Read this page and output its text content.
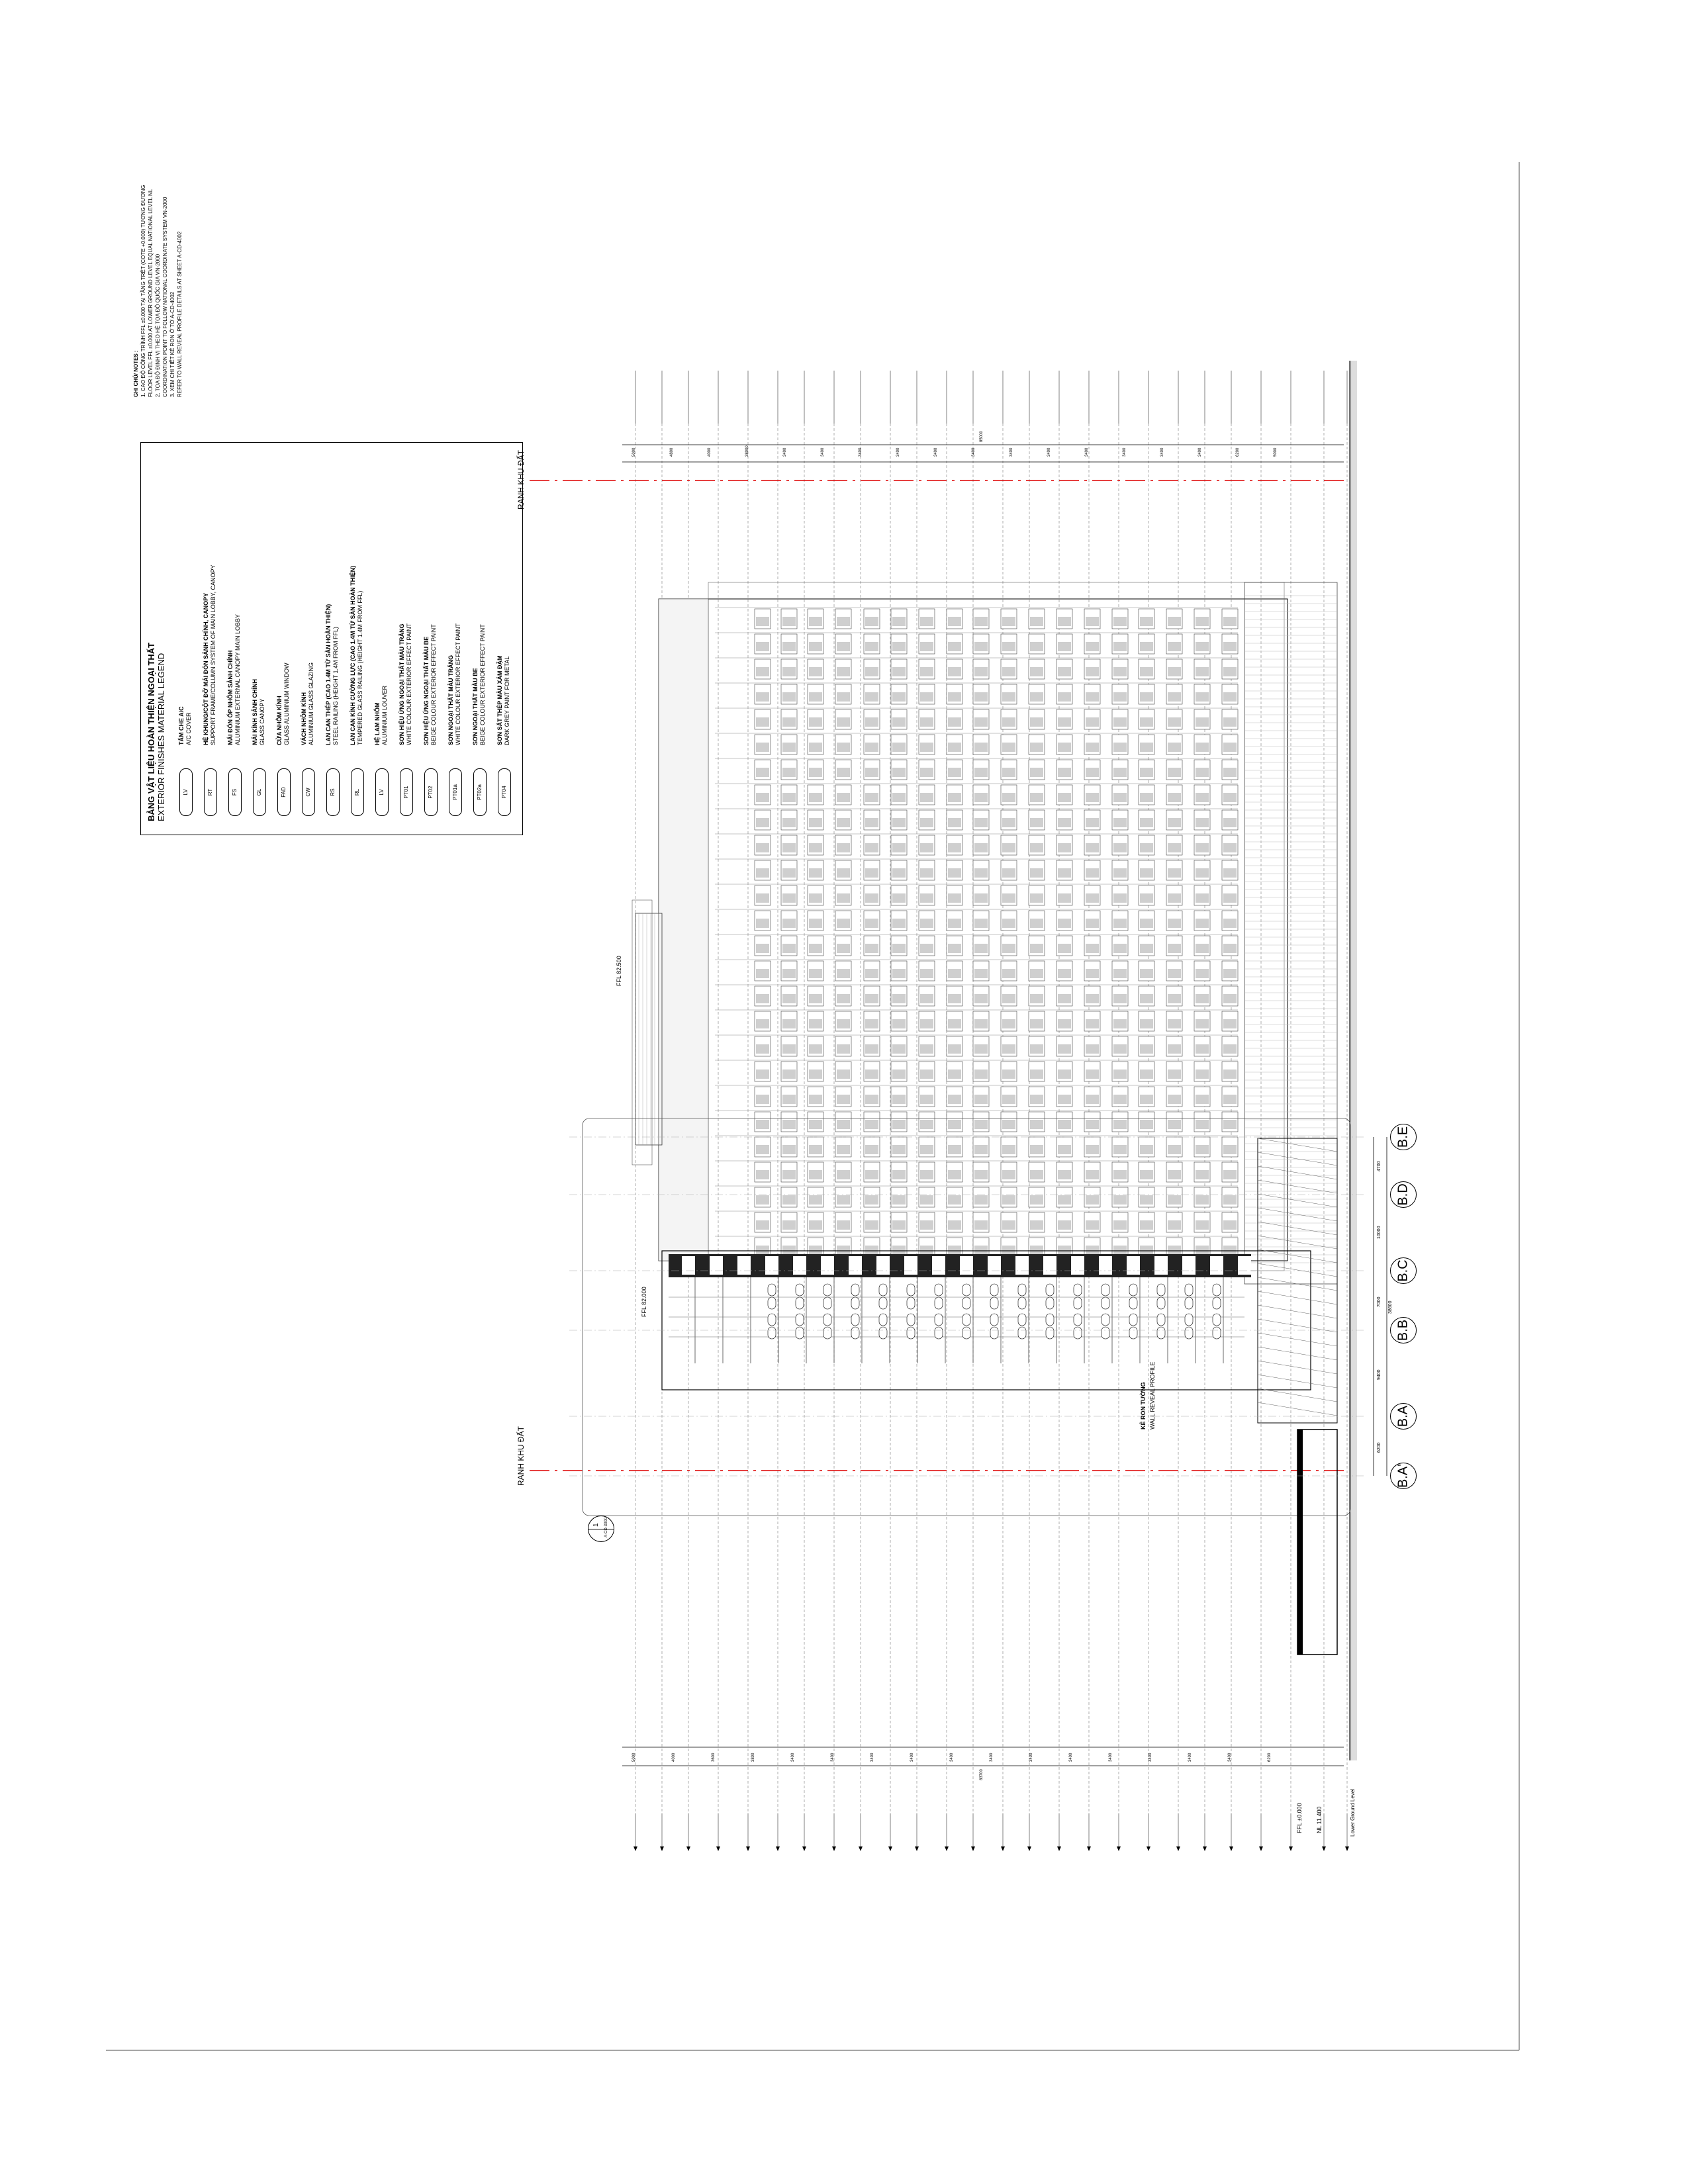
GHI CHÚ/ NOTES : 1. CAO ĐỘ CÔNG TRÌNH FFL ±0.000 TẠI TẦNG TRỆT (COTE +0.000) TƯƠNG ĐƯƠNG FLOOR LEVEL FFL ±0.000 AT LOWER GROUND LEVEL EQUAL NATIONAL LEVEL NL 2. TỌA ĐỘ ĐỊNH VỊ THEO HỆ TỌA ĐỘ QUỐC GIA VN-2000 COORDINATION POINT TO FOLLOW NATIONAL COORDINATE SYSTEM VN-2000 3. XEM CHI TIẾT KẺ RON Ở TỜ A-CD-4002 REFER TO WALL REVEAL PROFILE DETAILS AT SHEET A-CD-4002
BẢNG VẬT LIỆU HOÀN THIỆN NGOẠI THẤT EXTERIOR FINISHES MATERIAL LEGEND	LV
TẤM CHE A/C A/C COVER
RT
HỆ KHUNG/CỘT ĐỠ MÁI ĐÓN SẢNH CHÍNH, CANOPY SUPPORT FRAME/COLUMN SYSTEM OF MAIN LOBBY, CANOPY
FS
MÁI ĐÓN ỐP NHÔM SẢNH CHÍNH ALUMINIUM EXTERNAL CANOPY MAIN LOBBY
GL
MÁI KÍNH SẢNH CHÍNH GLASS CANOPY
FAD
CỬA NHÔM KÍNH GLASS ALUMINIUM WINDOW
CW
VÁCH NHÔM KÍNH ALUMINIUM GLASS GLAZING
RS
LAN CAN THÉP (CAO 1.4M TỪ SÀN HOÀN THIỆN) STEEL RAILING (HEIGHT 1.4M FROM FFL)
RL
LAN CAN KÍNH CƯỜNG LỰC (CAO 1.4M TỪ SÀN HOÀN THIỆN) TEMPERED GLASS RAILING (HEIGHT 1.4M FROM FFL)
LV
HỆ LAM NHÔM ALUMINIUM LOUVER
PT01
SƠN HIỆU ỨNG NGOẠI THẤT MÀU TRẮNG WHITE COLOUR EXTERIOR EFFECT PAINT
PT02
SƠN HIỆU ỨNG NGOẠI THẤT MÀU BE BEIGE COLOUR EXTERIOR EFFECT PAINT
PT01a
SƠN NGOẠI THẤT MÀU TRẮNG WHITE COLOUR EXTERIOR EFFECT PAINT
PT02a
SƠN NGOẠI THẤT MÀU BE BEIGE COLOUR EXTERIOR EFFECT PAINT
PT04
SƠN SẮT THÉP MÀU XÁM ĐẬM DARK GREY PAINT FOR METAL
RANH KHU ĐẤT
RANH KHU ĐẤT
KẺ RON TƯỜNG WALL REVEAL PROFILE
FFL 82.500
FFL 82.000
1 A-CD-3000
B.E
B.D
B.C
B.B
B.A
B.A'
4700
10000
7000
9400
6200
38600
5000	4800	4000	38000	3400	3400	3400	3400	3400	3400	3400	3400	3400	3400	3400	3400	6200	5000
85000
5000	4000	3600	3800	3400	3400	3400	3400	3400	3400	3400	3400	3400	3400	3400	3400	6200
83700
FFL ±0.000 NL 11.400	Lower Ground Level
